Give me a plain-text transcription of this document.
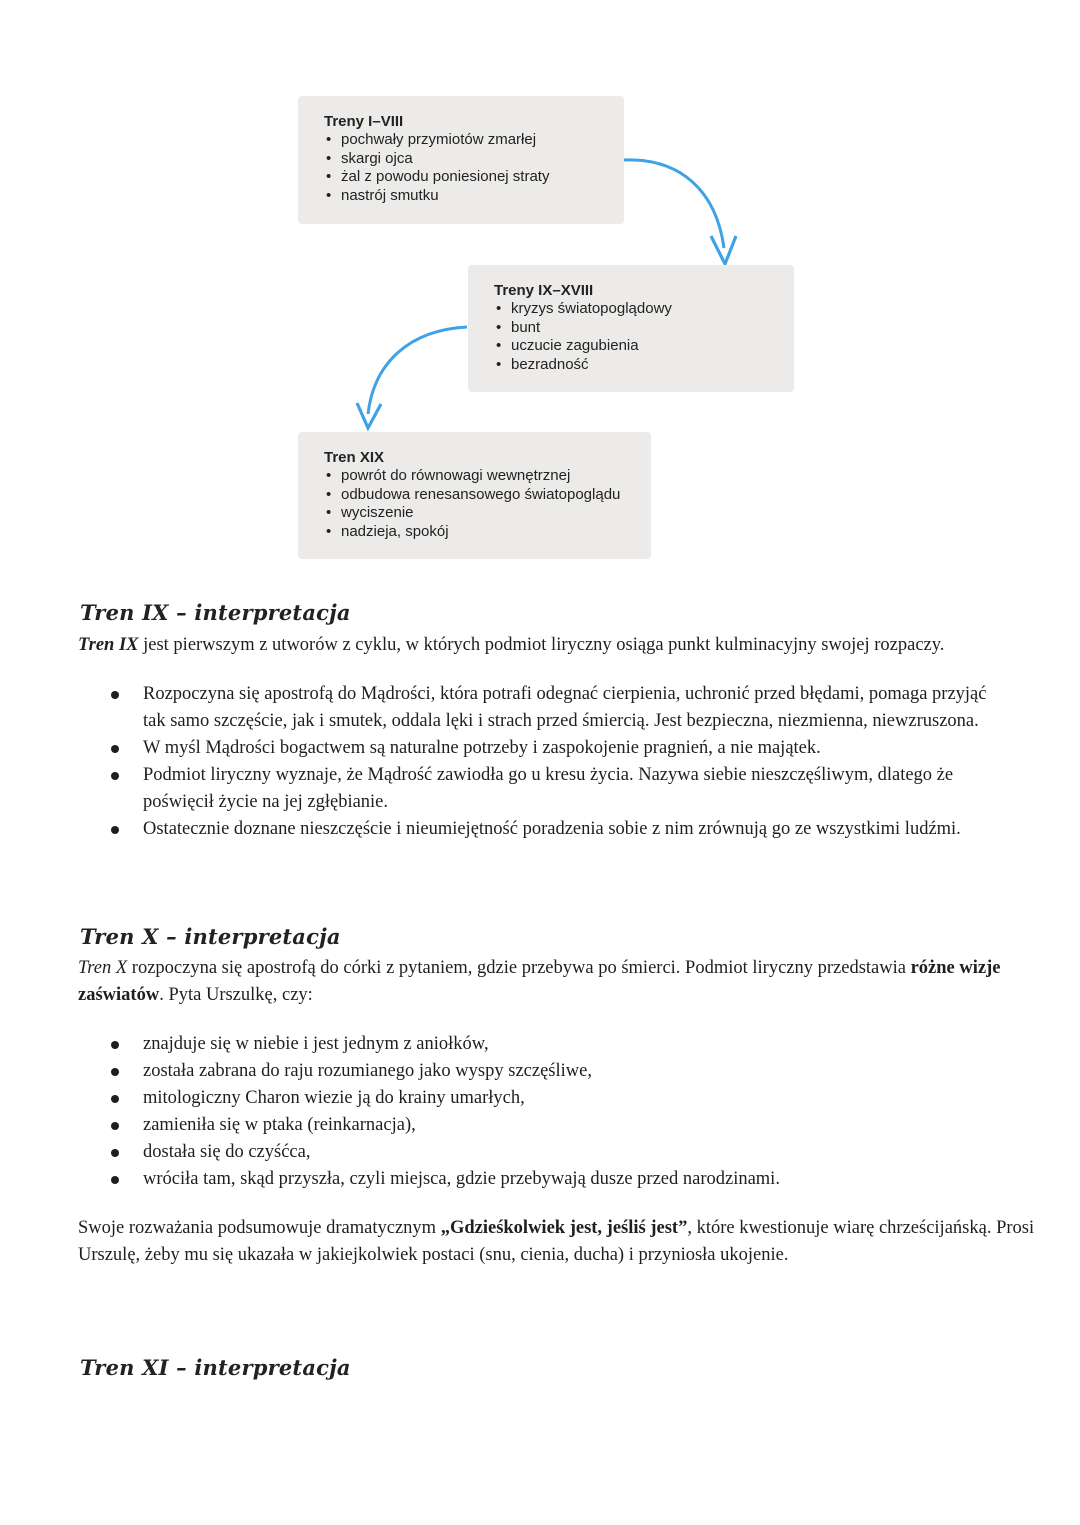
Treny I–VIII

• pochwały przymiotów zmarłej
• skargi ojca
• żal z powodu poniesionej straty
• nastrój smutku

Treny IX–XVIII

• kryzys światopoglądowy
• bunt
• uczucie zagubienia
• bezradność

Tren XIX

• powrót do równowagi wewnętrznej
• odbudowa renesansowego światopoglądu
• wyciszenie
• nadzieja, spokój
Tren IX – interpretacja

Tren IX jest pierwszym z utworów z cyklu, w których podmiot liryczny osiąga punkt kulminacyjny swojej rozpaczy.

Rozpoczyna się apostrofą do Mądrości, która potrafi odegnać cierpienia, uchronić przed błędami, pomaga przyjąć tak samo szczęście, jak i smutek, oddala lęki i strach przed śmiercią. Jest bezpieczna, niezmienna, niewzruszona.
W myśl Mądrości bogactwem są naturalne potrzeby i zaspokojenie pragnień, a nie majątek.
Podmiot liryczny wyznaje, że Mądrość zawiodła go u kresu życia. Nazywa siebie nieszczęśliwym, dlatego że poświęcił życie na jej zgłębianie.
Ostatecznie doznane nieszczęście i nieumiejętność poradzenia sobie z nim zrównują go ze wszystkimi ludźmi.
Tren X – interpretacja

Tren X rozpoczyna się apostrofą do córki z pytaniem, gdzie przebywa po śmierci. Podmiot liryczny przedstawia różne wizje zaświatów. Pyta Urszulkę, czy:

znajduje się w niebie i jest jednym z aniołków,
została zabrana do raju rozumianego jako wyspy szczęśliwe,
mitologiczny Charon wiezie ją do krainy umarłych,
zamieniła się w ptaka (reinkarnacja),
dostała się do czyśćca,
wróciła tam, skąd przyszła, czyli miejsca, gdzie przebywają dusze przed narodzinami.

Swoje rozważania podsumowuje dramatycznym „Gdzieśkolwiek jest, jeśliś jest”, które kwestionuje wiarę chrześcijańską. Prosi Urszulę, żeby mu się ukazała w jakiejkolwiek postaci (snu, cienia, ducha) i przyniosła ukojenie.

Tren XI – interpretacja
